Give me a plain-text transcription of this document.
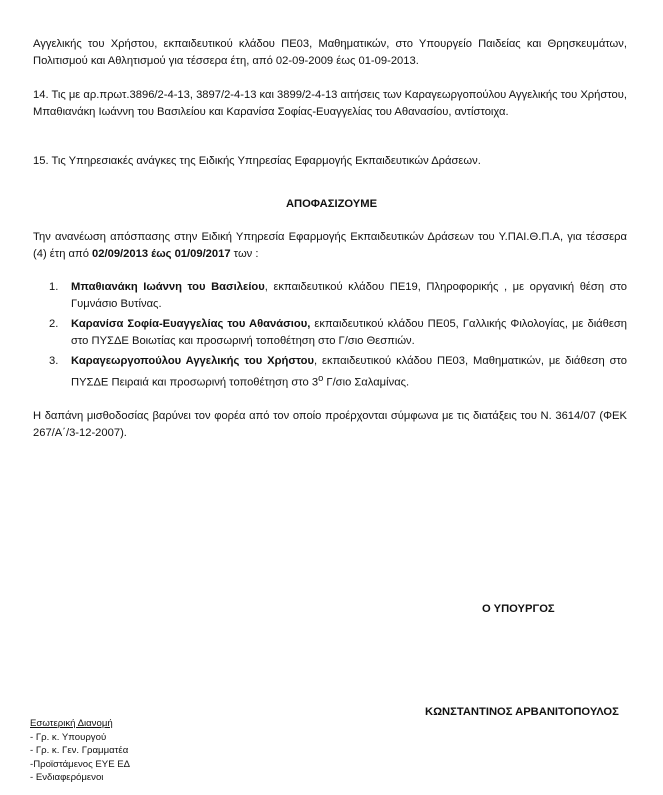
Αγγελικής του Χρήστου, εκπαιδευτικού κλάδου ΠΕ03, Μαθηματικών, στο Υπουργείο Παιδείας και Θρησκευμάτων, Πολιτισμού και Αθλητισμού για τέσσερα έτη, από 02-09-2009 έως 01-09-2013.

14. Τις με αρ.πρωτ.3896/2-4-13, 3897/2-4-13 και 3899/2-4-13 αιτήσεις των Καραγεωργοπούλου Αγγελικής του Χρήστου, Μπαθιανάκη Ιωάννη του Βασιλείου και Καρανίσα Σοφίας-Ευαγγελίας του Αθανασίου, αντίστοιχα.

15. Τις Υπηρεσιακές ανάγκες της Ειδικής Υπηρεσίας Εφαρμογής Εκπαιδευτικών Δράσεων.

ΑΠΟΦΑΣΙΖΟΥΜΕ

Την ανανέωση απόσπασης στην Ειδική Υπηρεσία Εφαρμογής Εκπαιδευτικών Δράσεων του Υ.ΠΑΙ.Θ.Π.Α, για τέσσερα (4) έτη από 02/09/2013 έως 01/09/2017 των :

1. Μπαθιανάκη Ιωάννη του Βασιλείου, εκπαιδευτικού κλάδου ΠΕ19, Πληροφορικής , με οργανική θέση στο Γυμνάσιο Βυτίνας.
2. Καρανίσα Σοφία-Ευαγγελίας του Αθανάσιου, εκπαιδευτικού κλάδου ΠΕ05, Γαλλικής Φιλολογίας, με διάθεση στο ΠΥΣΔΕ Βοιωτίας και προσωρινή τοποθέτηση στο Γ/σιο Θεσπιών.
3. Καραγεωργοπούλου Αγγελικής του Χρήστου, εκπαιδευτικού κλάδου ΠΕ03, Μαθηματικών, με διάθεση στο ΠΥΣΔΕ Πειραιά και προσωρινή τοποθέτηση στο $3^o$ Γ/σιο Σαλαμίνας.

Η δαπάνη μισθοδοσίας βαρύνει τον φορέα από τον οποίο προέρχονται σύμφωνα με τις διατάξεις του Ν. 3614/07 (ΦΕΚ 267/Α΄/3-12-2007).

Ο ΥΠΟΥΡΓΟΣ

ΚΩΝΣΤΑΝΤΙΝΟΣ ΑΡΒΑΝΙΤΟΠΟΥΛΟΣ

Εσωτερική Διανομή
- Γρ. κ. Υπουργού
- Γρ. κ. Γεν. Γραμματέα
-Προϊστάμενος ΕΥΕ ΕΔ
- Ενδιαφερόμενοι
